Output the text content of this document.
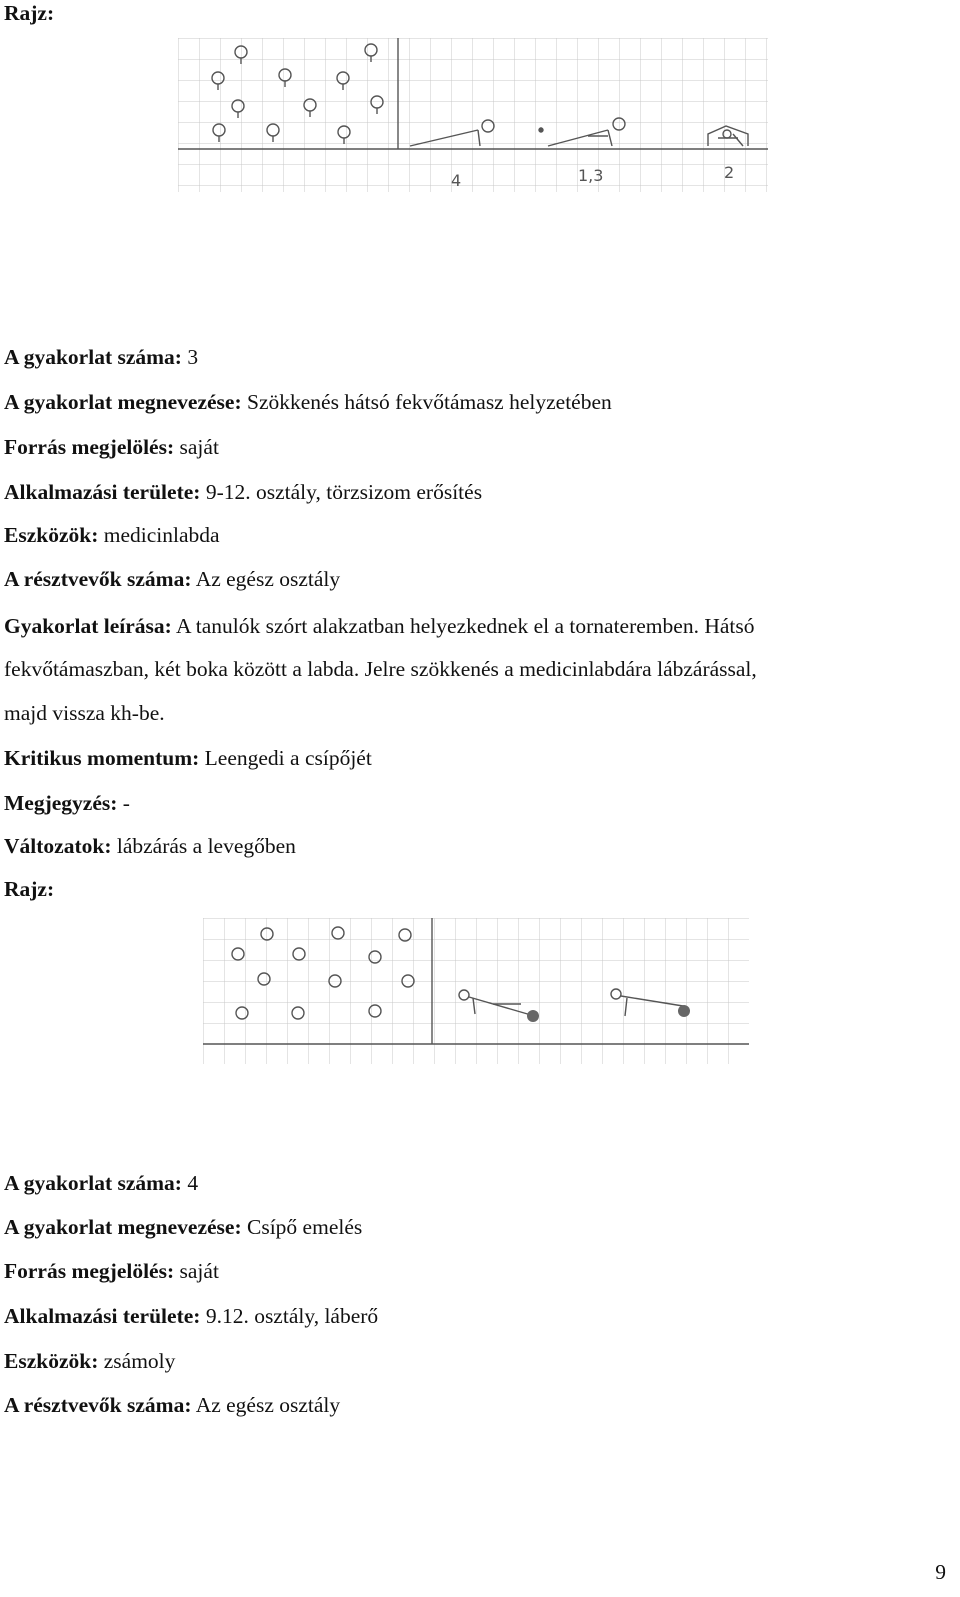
Rajz:
4	1,3	2
A gyakorlat száma: 3
A gyakorlat megnevezése: Szökkenés hátsó fekvőtámasz helyzetében
Forrás megjelölés: saját
Alkalmazási területe: 9-12. osztály, törzsizom erősítés
Eszközök: medicinlabda
A résztvevők száma: Az egész osztály
Gyakorlat leírása: A tanulók szórt alakzatban helyezkednek el a tornateremben. Hátsó
fekvőtámaszban, két boka között a labda. Jelre szökkenés a medicinlabdára lábzárással,
majd vissza kh-be.
Kritikus momentum: Leengedi a csípőjét
Megjegyzés: -
Változatok: lábzárás a levegőben
Rajz:
A gyakorlat száma: 4
A gyakorlat megnevezése: Csípő emelés
Forrás megjelölés: saját
Alkalmazási területe: 9.12. osztály, láberő
Eszközök: zsámoly
A résztvevők száma: Az egész osztály
9
